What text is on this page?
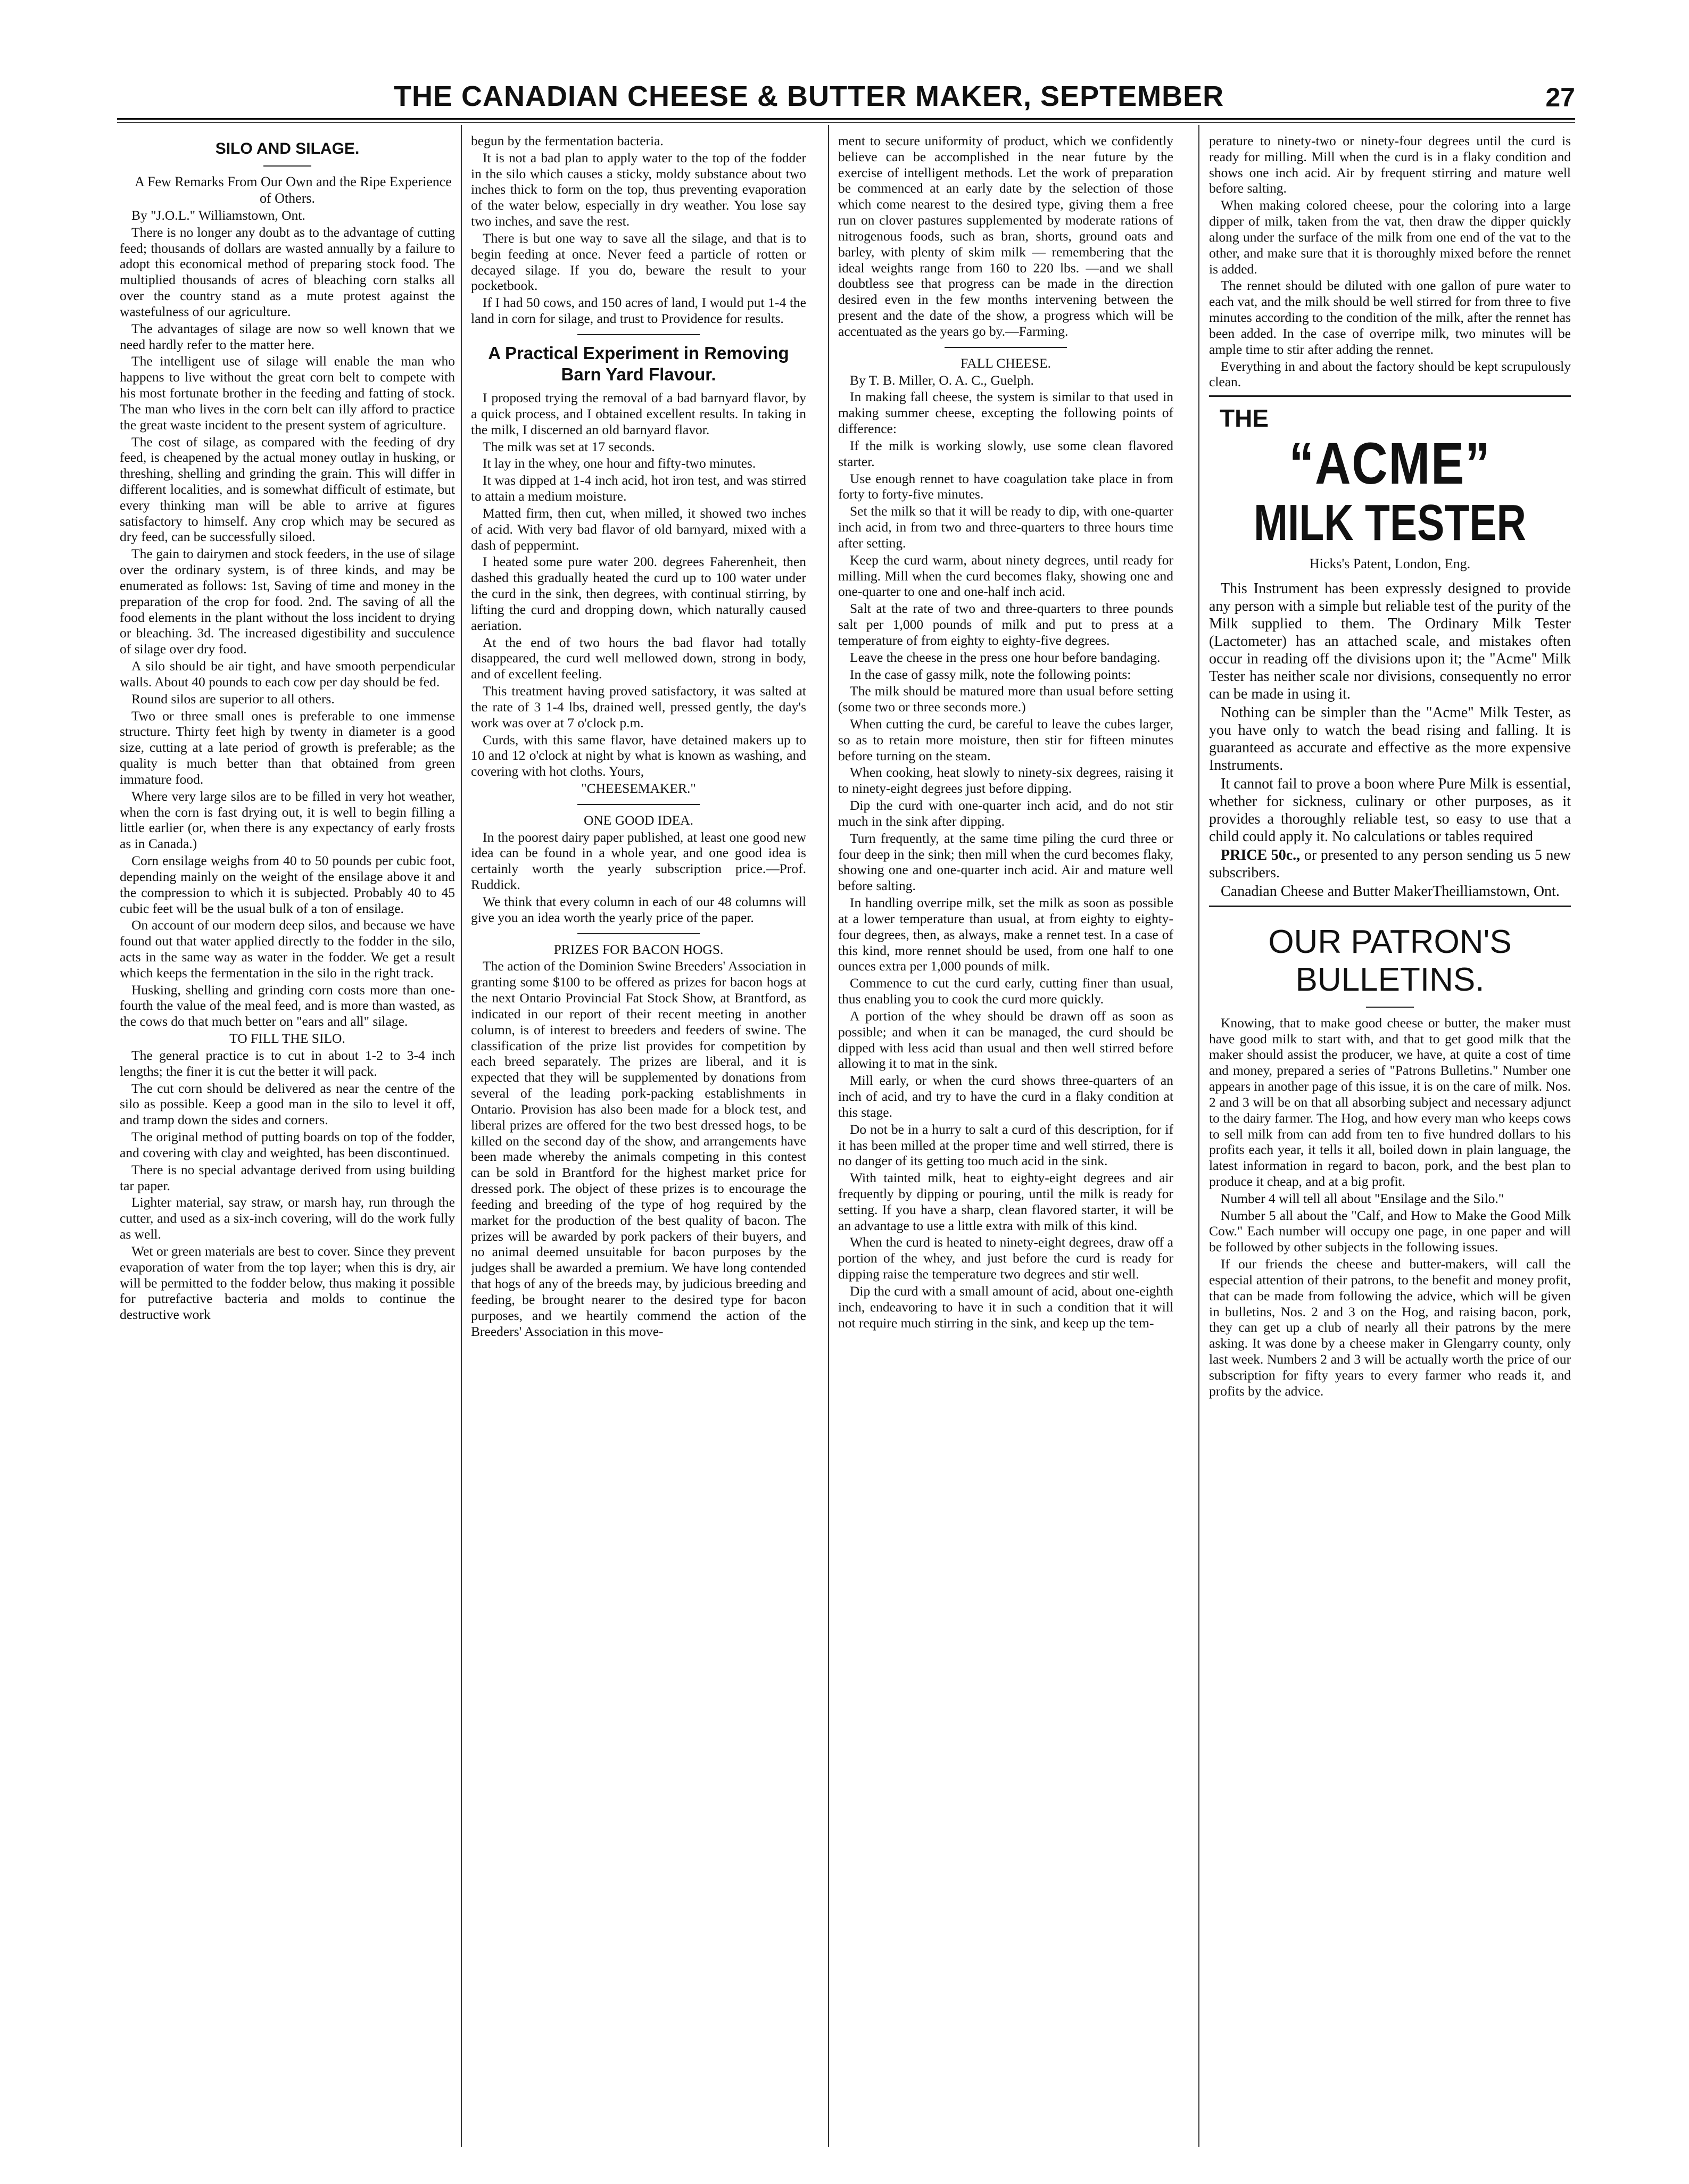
THE CANADIAN CHEESE & BUTTER MAKER, SEPTEMBER	27
SILO AND SILAGE.

A Few Remarks From Our Own and the Ripe Experience of Others.

By "J.O.L." Williamstown, Ont.

There is no longer any doubt as to the advantage of cutting feed; thousands of dollars are wasted annually by a failure to adopt this economical method of preparing stock food. The multiplied thousands of acres of bleaching corn stalks all over the country stand as a mute protest against the wastefulness of our agriculture.

The advantages of silage are now so well known that we need hardly refer to the matter here.

The intelligent use of silage will enable the man who happens to live without the great corn belt to compete with his most fortunate brother in the feeding and fatting of stock. The man who lives in the corn belt can illy afford to practice the great waste incident to the present system of agriculture.

The cost of silage, as compared with the feeding of dry feed, is cheapened by the actual money outlay in husking, or threshing, shelling and grinding the grain. This will differ in different localities, and is somewhat difficult of estimate, but every thinking man will be able to arrive at figures satisfactory to himself. Any crop which may be secured as dry feed, can be successfully siloed.

The gain to dairymen and stock feeders, in the use of silage over the ordinary system, is of three kinds, and may be enumerated as follows: 1st, Saving of time and money in the preparation of the crop for food. 2nd. The saving of all the food elements in the plant without the loss incident to drying or bleaching. 3d. The increased digestibility and succulence of silage over dry food.

A silo should be air tight, and have smooth perpendicular walls. About 40 pounds to each cow per day should be fed.

Round silos are superior to all others.

Two or three small ones is preferable to one immense structure. Thirty feet high by twenty in diameter is a good size, cutting at a late period of growth is preferable; as the quality is much better than that obtained from green immature food.

Where very large silos are to be filled in very hot weather, when the corn is fast drying out, it is well to begin filling a little earlier (or, when there is any expectancy of early frosts as in Canada.)

Corn ensilage weighs from 40 to 50 pounds per cubic foot, depending mainly on the weight of the ensilage above it and the compression to which it is subjected. Probably 40 to 45 cubic feet will be the usual bulk of a ton of ensilage.

On account of our modern deep silos, and because we have found out that water applied directly to the fodder in the silo, acts in the same way as water in the fodder. We get a result which keeps the fermentation in the silo in the right track.

Husking, shelling and grinding corn costs more than one-fourth the value of the meal feed, and is more than wasted, as the cows do that much better on "ears and all" silage.

TO FILL THE SILO.

The general practice is to cut in about 1-2 to 3-4 inch lengths; the finer it is cut the better it will pack.

The cut corn should be delivered as near the centre of the silo as possible. Keep a good man in the silo to level it off, and tramp down the sides and corners.

The original method of putting boards on top of the fodder, and covering with clay and weighted, has been discontinued.

There is no special advantage derived from using building tar paper.

Lighter material, say straw, or marsh hay, run through the cutter, and used as a six-inch covering, will do the work fully as well.

Wet or green materials are best to cover. Since they prevent evaporation of water from the top layer; when this is dry, air will be permitted to the fodder below, thus making it possible for putrefactive bacteria and molds to continue the destructive work

begun by the fermentation bacteria.

It is not a bad plan to apply water to the top of the fodder in the silo which causes a sticky, moldy substance about two inches thick to form on the top, thus preventing evaporation of the water below, especially in dry weather. You lose say two inches, and save the rest.

There is but one way to save all the silage, and that is to begin feeding at once. Never feed a particle of rotten or decayed silage. If you do, beware the result to your pocketbook.

If I had 50 cows, and 150 acres of land, I would put 1-4 the land in corn for silage, and trust to Providence for results.

A Practical Experiment in Removing Barn Yard Flavour.

I proposed trying the removal of a bad barnyard flavor, by a quick process, and I obtained excellent results. In taking in the milk, I discerned an old barnyard flavor.

The milk was set at 17 seconds.

It lay in the whey, one hour and fifty-two minutes.

It was dipped at 1-4 inch acid, hot iron test, and was stirred to attain a medium moisture.

Matted firm, then cut, when milled, it showed two inches of acid. With very bad flavor of old barnyard, mixed with a dash of peppermint.

I heated some pure water 200. degrees Faherenheit, then dashed this gradually heated the curd up to 100 water under the curd in the sink, then degrees, with continual stirring, by lifting the curd and dropping down, which naturally caused aeriation.

At the end of two hours the bad flavor had totally disappeared, the curd well mellowed down, strong in body, and of excellent feeling.

This treatment having proved satisfactory, it was salted at the rate of 3 1-4 lbs, drained well, pressed gently, the day's work was over at 7 o'clock p.m.

Curds, with this same flavor, have detained makers up to 10 and 12 o'clock at night by what is known as washing, and covering with hot cloths. Yours,

"CHEESEMAKER."

ONE GOOD IDEA.

In the poorest dairy paper published, at least one good new idea can be found in a whole year, and one good idea is certainly worth the yearly subscription price.—Prof. Ruddick.

We think that every column in each of our 48 columns will give you an idea worth the yearly price of the paper.

PRIZES FOR BACON HOGS.

The action of the Dominion Swine Breeders' Association in granting some $100 to be offered as prizes for bacon hogs at the next Ontario Provincial Fat Stock Show, at Brantford, as indicated in our report of their recent meeting in another column, is of interest to breeders and feeders of swine. The classification of the prize list provides for competition by each breed separately. The prizes are liberal, and it is expected that they will be supplemented by donations from several of the leading pork-packing establishments in Ontario. Provision has also been made for a block test, and liberal prizes are offered for the two best dressed hogs, to be killed on the second day of the show, and arrangements have been made whereby the animals competing in this contest can be sold in Brantford for the highest market price for dressed pork. The object of these prizes is to encourage the feeding and breeding of the type of hog required by the market for the production of the best quality of bacon. The prizes will be awarded by pork packers of their buyers, and no animal deemed unsuitable for bacon purposes by the judges shall be awarded a premium. We have long contended that hogs of any of the breeds may, by judicious breeding and feeding, be brought nearer to the desired type for bacon purposes, and we heartily commend the action of the Breeders' Association in this move-

ment to secure uniformity of product, which we confidently believe can be accomplished in the near future by the exercise of intelligent methods. Let the work of preparation be commenced at an early date by the selection of those which come nearest to the desired type, giving them a free run on clover pastures supplemented by moderate rations of nitrogenous foods, such as bran, shorts, ground oats and barley, with plenty of skim milk — remembering that the ideal weights range from 160 to 220 lbs. —and we shall doubtless see that progress can be made in the direction desired even in the few months intervening between the present and the date of the show, a progress which will be accentuated as the years go by.—Farming.

FALL CHEESE.

By T. B. Miller, O. A. C., Guelph.

In making fall cheese, the system is similar to that used in making summer cheese, excepting the following points of difference:

If the milk is working slowly, use some clean flavored starter.

Use enough rennet to have coagulation take place in from forty to forty-five minutes.

Set the milk so that it will be ready to dip, with one-quarter inch acid, in from two and three-quarters to three hours time after setting.

Keep the curd warm, about ninety degrees, until ready for milling. Mill when the curd becomes flaky, showing one and one-quarter to one and one-half inch acid.

Salt at the rate of two and three-quarters to three pounds salt per 1,000 pounds of milk and put to press at a temperature of from eighty to eighty-five degrees.

Leave the cheese in the press one hour before bandaging.

In the case of gassy milk, note the following points:

The milk should be matured more than usual before setting (some two or three seconds more.)

When cutting the curd, be careful to leave the cubes larger, so as to retain more moisture, then stir for fifteen minutes before turning on the steam.

When cooking, heat slowly to ninety-six degrees, raising it to ninety-eight degrees just before dipping.

Dip the curd with one-quarter inch acid, and do not stir much in the sink after dipping.

Turn frequently, at the same time piling the curd three or four deep in the sink; then mill when the curd becomes flaky, showing one and one-quarter inch acid. Air and mature well before salting.

In handling overripe milk, set the milk as soon as possible at a lower temperature than usual, at from eighty to eighty-four degrees, then, as always, make a rennet test. In a case of this kind, more rennet should be used, from one half to one ounces extra per 1,000 pounds of milk.

Commence to cut the curd early, cutting finer than usual, thus enabling you to cook the curd more quickly.

A portion of the whey should be drawn off as soon as possible; and when it can be managed, the curd should be dipped with less acid than usual and then well stirred before allowing it to mat in the sink.

Mill early, or when the curd shows three-quarters of an inch of acid, and try to have the curd in a flaky condition at this stage.

Do not be in a hurry to salt a curd of this description, for if it has been milled at the proper time and well stirred, there is no danger of its getting too much acid in the sink.

With tainted milk, heat to eighty-eight degrees and air frequently by dipping or pouring, until the milk is ready for setting. If you have a sharp, clean flavored starter, it will be an advantage to use a little extra with milk of this kind.

When the curd is heated to ninety-eight degrees, draw off a portion of the whey, and just before the curd is ready for dipping raise the temperature two degrees and stir well.

Dip the curd with a small amount of acid, about one-eighth inch, endeavoring to have it in such a condition that it will not require much stirring in the sink, and keep up the tem-

perature to ninety-two or ninety-four degrees until the curd is ready for milling. Mill when the curd is in a flaky condition and shows one inch acid. Air by frequent stirring and mature well before salting.

When making colored cheese, pour the coloring into a large dipper of milk, taken from the vat, then draw the dipper quickly along under the surface of the milk from one end of the vat to the other, and make sure that it is thoroughly mixed before the rennet is added.

The rennet should be diluted with one gallon of pure water to each vat, and the milk should be well stirred for from three to five minutes according to the condition of the milk, after the rennet has been added. In the case of overripe milk, two minutes will be ample time to stir after adding the rennet.

Everything in and about the factory should be kept scrupulously clean.

THE
“ACME”
MILK TESTER
Hicks's Patent, London, Eng.

This Instrument has been expressly designed to provide any person with a simple but reliable test of the purity of the Milk supplied to them. The Ordinary Milk Tester (Lactometer) has an attached scale, and mistakes often occur in reading off the divisions upon it; the "Acme" Milk Tester has neither scale nor divisions, consequently no error can be made in using it.

Nothing can be simpler than the "Acme" Milk Tester, as you have only to watch the bead rising and falling. It is guaranteed as accurate and effective as the more expensive Instruments.

It cannot fail to prove a boon where Pure Milk is essential, whether for sickness, culinary or other purposes, as it provides a thoroughly reliable test, so easy to use that a child could apply it. No calculations or tables required

PRICE 50c., or presented to any person sending us 5 new subscribers.

Canadian Cheese and Butter MakerTheilliamstown, Ont.

OUR PATRON'S BULLETINS.

Knowing, that to make good cheese or butter, the maker must have good milk to start with, and that to get good milk that the maker should assist the producer, we have, at quite a cost of time and money, prepared a series of "Patrons Bulletins." Number one appears in another page of this issue, it is on the care of milk. Nos. 2 and 3 will be on that all absorbing subject and necessary adjunct to the dairy farmer. The Hog, and how every man who keeps cows to sell milk from can add from ten to five hundred dollars to his profits each year, it tells it all, boiled down in plain language, the latest information in regard to bacon, pork, and the best plan to produce it cheap, and at a big profit.

Number 4 will tell all about "Ensilage and the Silo."

Number 5 all about the "Calf, and How to Make the Good Milk Cow." Each number will occupy one page, in one paper and will be followed by other subjects in the following issues.

If our friends the cheese and butter-makers, will call the especial attention of their patrons, to the benefit and money profit, that can be made from following the advice, which will be given in bulletins, Nos. 2 and 3 on the Hog, and raising bacon, pork, they can get up a club of nearly all their patrons by the mere asking. It was done by a cheese maker in Glengarry county, only last week. Numbers 2 and 3 will be actually worth the price of our subscription for fifty years to every farmer who reads it, and profits by the advice.
